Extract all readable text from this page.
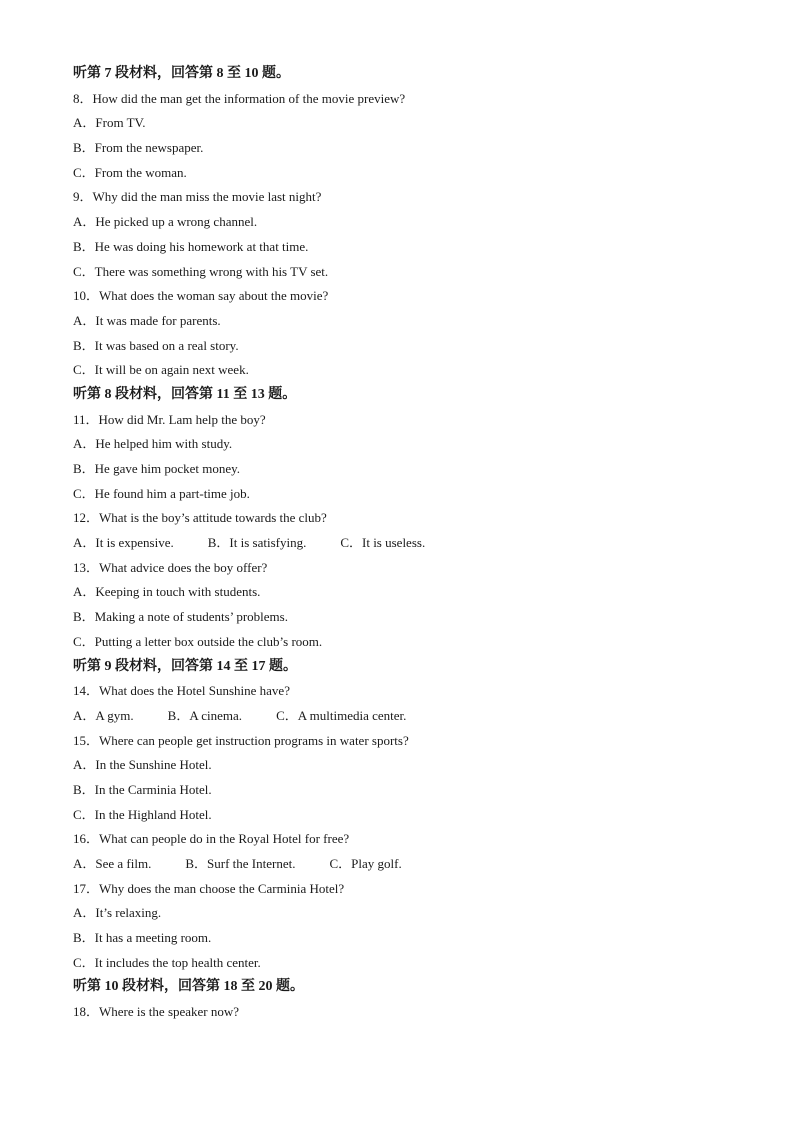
听第 7 段材料，回答第 8 至 10 题。
8．How did the man get the information of the movie preview?
A．From TV.
B．From the newspaper.
C．From the woman.
9．Why did the man miss the movie last night?
A．He picked up a wrong channel.
B．He was doing his homework at that time.
C．There was something wrong with his TV set.
10．What does the woman say about the movie?
A．It was made for parents.
B．It was based on a real story.
C．It will be on again next week.
听第 8 段材料，回答第 11 至 13 题。
11．How did Mr. Lam help the boy?
A．He helped him with study.
B．He gave him pocket money.
C．He found him a part-time job.
12．What is the boy’s attitude towards the club?
A．It is expensive.	B．It is satisfying.	C．It is useless.
13．What advice does the boy offer?
A．Keeping in touch with students.
B．Making a note of students’ problems.
C．Putting a letter box outside the club’s room.
听第 9 段材料，回答第 14 至 17 题。
14．What does the Hotel Sunshine have?
A．A gym.	B．A cinema.	C．A multimedia center.
15．Where can people get instruction programs in water sports?
A．In the Sunshine Hotel.
B．In the Carminia Hotel.
C．In the Highland Hotel.
16．What can people do in the Royal Hotel for free?
A．See a film.	B．Surf the Internet.	C．Play golf.
17．Why does the man choose the Carminia Hotel?
A．It’s relaxing.
B．It has a meeting room.
C．It includes the top health center.
听第 10 段材料，回答第 18 至 20 题。
18．Where is the speaker now?
